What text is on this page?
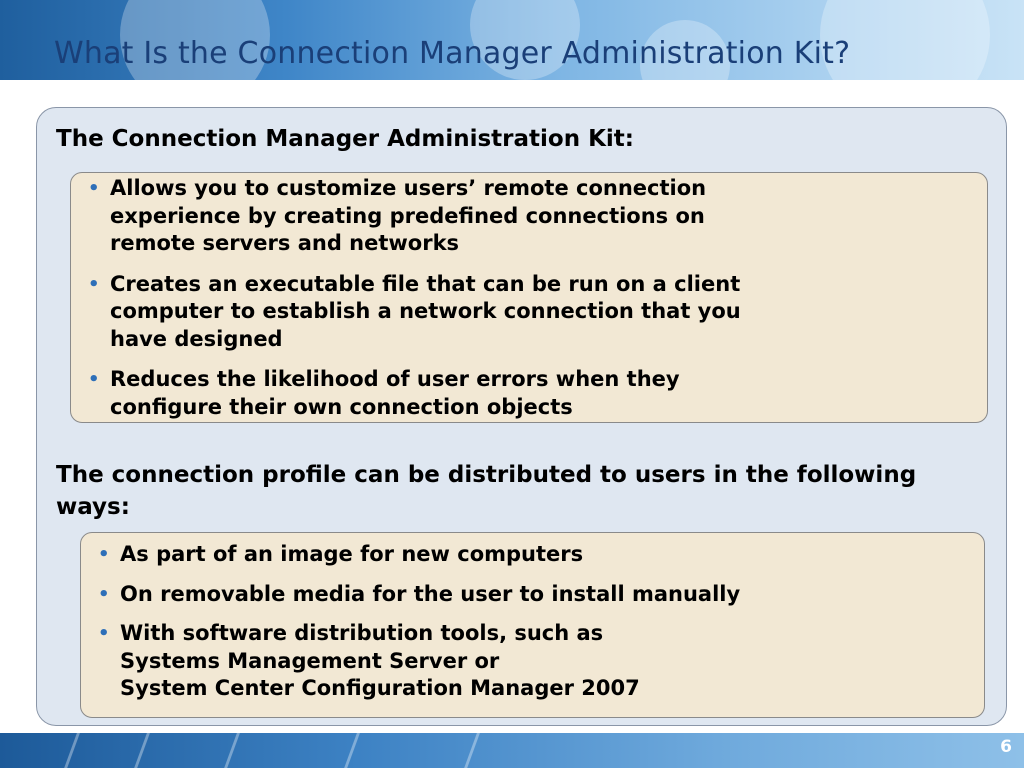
What Is the Connection Manager Administration Kit?
The Connection Manager Administration Kit:
• Allows you to customize users’ remote connection
experience by creating predefined connections on
remote servers and networks
• Creates an executable file that can be run on a client
computer to establish a network connection that you
have designed
• Reduces the likelihood of user errors when they
configure their own connection objects
The connection profile can be distributed to users in the following ways:
• As part of an image for new computers
• On removable media for the user to install manually
• With software distribution tools, such as
Systems Management Server or
System Center Configuration Manager 2007
6
